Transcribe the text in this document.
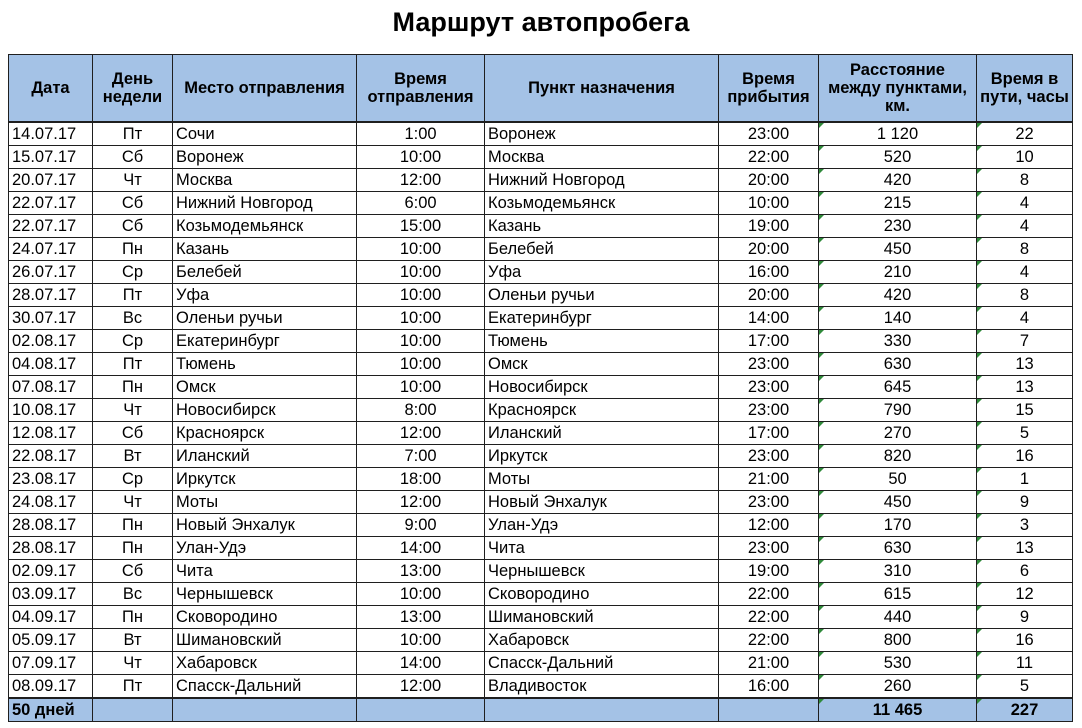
Маршрут автопробега
Дата	День недели	Место отправления	Время отправления	Пункт назначения	Время прибытия	Расстояние между пунктами, км.	Время в пути, часы
14.07.17	Пт	Сочи	1:00	Воронеж	23:00	1 120	22
15.07.17	Сб	Воронеж	10:00	Москва	22:00	520	10
20.07.17	Чт	Москва	12:00	Нижний Новгород	20:00	420	8
22.07.17	Сб	Нижний Новгород	6:00	Козьмодемьянск	10:00	215	4
22.07.17	Сб	Козьмодемьянск	15:00	Казань	19:00	230	4
24.07.17	Пн	Казань	10:00	Белебей	20:00	450	8
26.07.17	Ср	Белебей	10:00	Уфа	16:00	210	4
28.07.17	Пт	Уфа	10:00	Оленьи ручьи	20:00	420	8
30.07.17	Вс	Оленьи ручьи	10:00	Екатеринбург	14:00	140	4
02.08.17	Ср	Екатеринбург	10:00	Тюмень	17:00	330	7
04.08.17	Пт	Тюмень	10:00	Омск	23:00	630	13
07.08.17	Пн	Омск	10:00	Новосибирск	23:00	645	13
10.08.17	Чт	Новосибирск	8:00	Красноярск	23:00	790	15
12.08.17	Сб	Красноярск	12:00	Иланский	17:00	270	5
22.08.17	Вт	Иланский	7:00	Иркутск	23:00	820	16
23.08.17	Ср	Иркутск	18:00	Моты	21:00	50	1
24.08.17	Чт	Моты	12:00	Новый Энхалук	23:00	450	9
28.08.17	Пн	Новый Энхалук	9:00	Улан-Удэ	12:00	170	3
28.08.17	Пн	Улан-Удэ	14:00	Чита	23:00	630	13
02.09.17	Сб	Чита	13:00	Чернышевск	19:00	310	6
03.09.17	Вс	Чернышевск	10:00	Сковородино	22:00	615	12
04.09.17	Пн	Сковородино	13:00	Шимановский	22:00	440	9
05.09.17	Вт	Шимановский	10:00	Хабаровск	22:00	800	16
07.09.17	Чт	Хабаровск	14:00	Спасск-Дальний	21:00	530	11
08.09.17	Пт	Спасск-Дальний	12:00	Владивосток	16:00	260	5
50 дней						11 465	227
